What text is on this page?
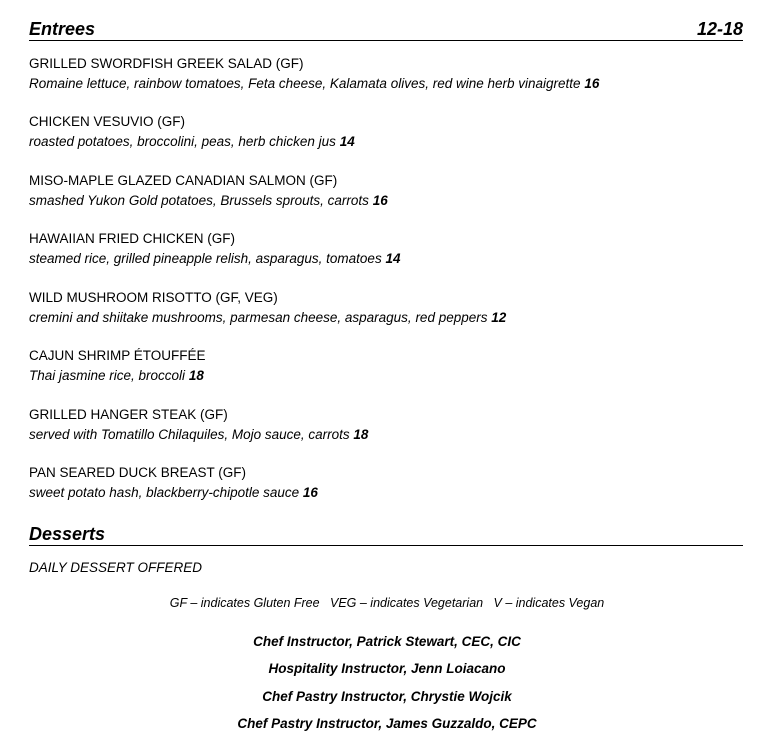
Entrees	12-18
GRILLED SWORDFISH GREEK SALAD (GF)
Romaine lettuce, rainbow tomatoes, Feta cheese, Kalamata olives, red wine herb vinaigrette 16
CHICKEN VESUVIO (GF)
roasted potatoes, broccolini, peas, herb chicken jus 14
MISO-MAPLE GLAZED CANADIAN SALMON (GF)
smashed Yukon Gold potatoes, Brussels sprouts, carrots 16
HAWAIIAN FRIED CHICKEN (GF)
steamed rice, grilled pineapple relish, asparagus, tomatoes 14
WILD MUSHROOM RISOTTO (GF, VEG)
cremini and shiitake mushrooms, parmesan cheese, asparagus, red peppers 12
CAJUN SHRIMP ÉTOUFFÉE
Thai jasmine rice, broccoli 18
GRILLED HANGER STEAK (GF)
served with Tomatillo Chilaquiles, Mojo sauce, carrots 18
PAN SEARED DUCK BREAST (GF)
sweet potato hash, blackberry-chipotle sauce 16
Desserts
DAILY DESSERT OFFERED
GF – indicates Gluten Free   VEG – indicates Vegetarian   V – indicates Vegan
Chef Instructor, Patrick Stewart, CEC, CIC
Hospitality Instructor, Jenn Loiacano
Chef Pastry Instructor, Chrystie Wojcik
Chef Pastry Instructor, James Guzzaldo, CEPC
